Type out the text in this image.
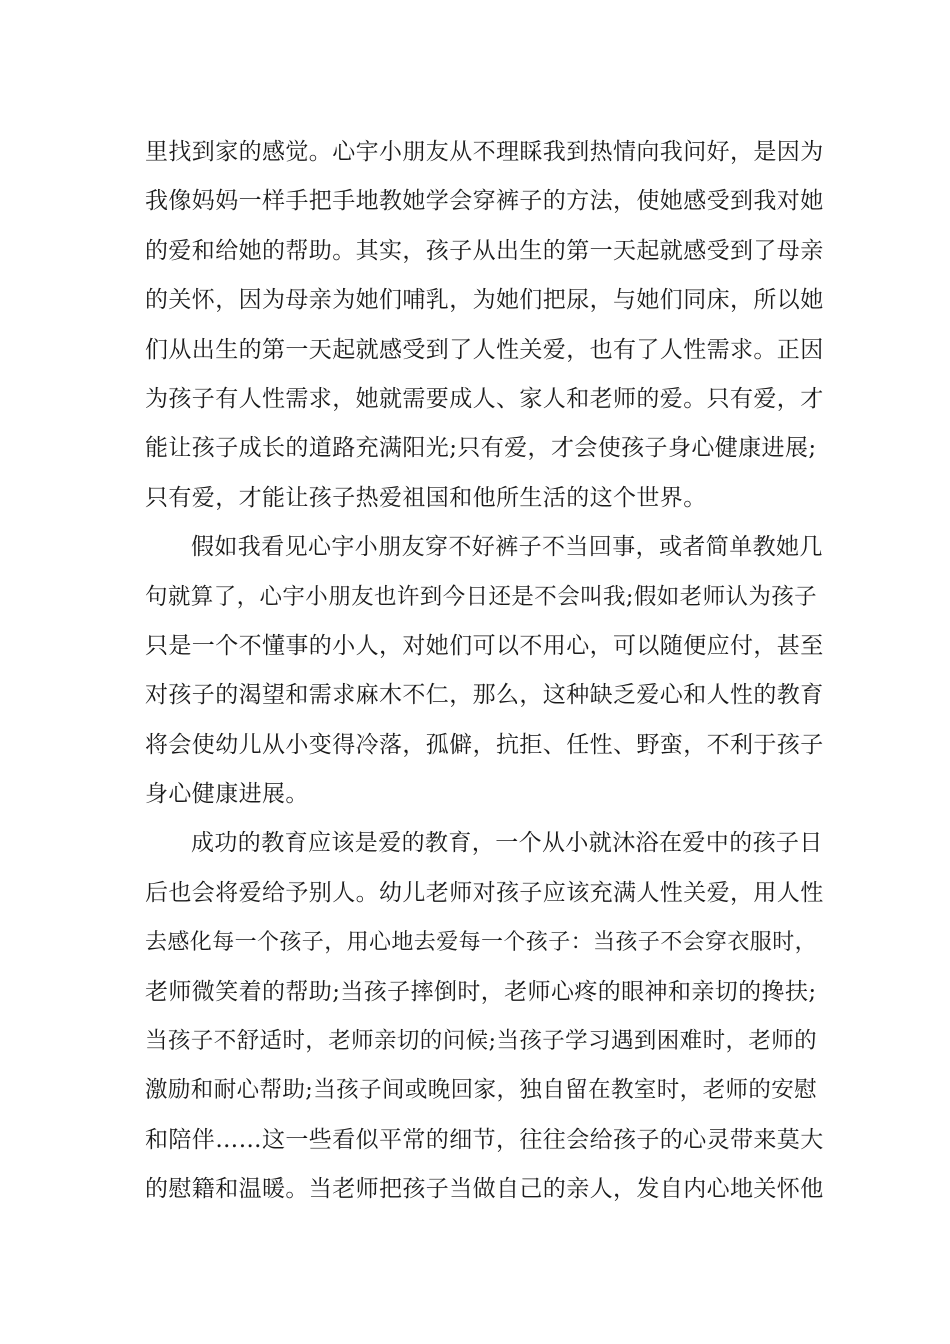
里找到家的感觉。心宇小朋友从不理睬我到热情向我问好，是因为
我像妈妈一样手把手地教她学会穿裤子的方法，使她感受到我对她
的爱和给她的帮助。其实，孩子从出生的第一天起就感受到了母亲
的关怀，因为母亲为她们哺乳，为她们把尿，与她们同床，所以她
们从出生的第一天起就感受到了人性关爱，也有了人性需求。正因
为孩子有人性需求，她就需要成人、家人和老师的爱。只有爱，才
能让孩子成长的道路充满阳光;只有爱，才会使孩子身心健康进展;
只有爱，才能让孩子热爱祖国和他所生活的这个世界。
假如我看见心宇小朋友穿不好裤子不当回事，或者简单教她几
句就算了，心宇小朋友也许到今日还是不会叫我;假如老师认为孩子
只是一个不懂事的小人，对她们可以不用心，可以随便应付，甚至
对孩子的渴望和需求麻木不仁，那么，这种缺乏爱心和人性的教育
将会使幼儿从小变得冷落，孤僻，抗拒、任性、野蛮，不利于孩子
身心健康进展。
成功的教育应该是爱的教育，一个从小就沐浴在爱中的孩子日
后也会将爱给予别人。幼儿老师对孩子应该充满人性关爱，用人性
去感化每一个孩子，用心地去爱每一个孩子：当孩子不会穿衣服时，
老师微笑着的帮助;当孩子摔倒时，老师心疼的眼神和亲切的搀扶;
当孩子不舒适时，老师亲切的问候;当孩子学习遇到困难时，老师的
激励和耐心帮助;当孩子间或晚回家，独自留在教室时，老师的安慰
和陪伴……这一些看似平常的细节，往往会给孩子的心灵带来莫大
的慰籍和温暖。当老师把孩子当做自己的亲人，发自内心地关怀他
